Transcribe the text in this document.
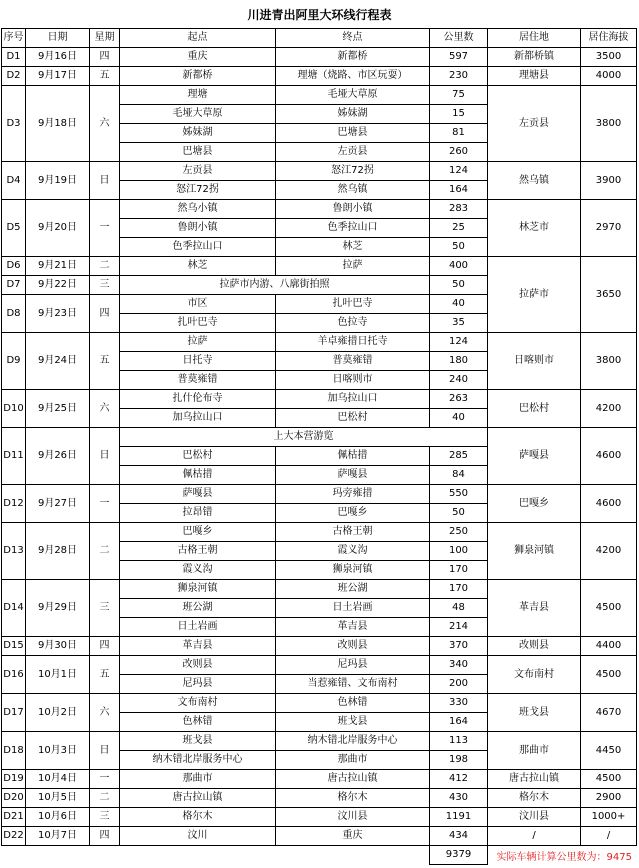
川进青出阿里大环线行程表
序号	日期	星期	起点	终点	公里数	居住地	居住海拔
D1	9月16日	四	重庆	新都桥	597	新都桥镇	3500
D2	9月17日	五	新都桥	理塘（烧路、市区玩耍）	230	理塘县	4000
D3	9月18日	六	理塘	毛垭大草原	75	左贡县	3800
			毛垭大草原	姊妹湖	15		
			姊妹湖	巴塘县	81		
			巴塘县	左贡县	260		
D4	9月19日	日	左贡县	怒江72拐	124	然乌镇	3900
			怒江72拐	然乌镇	164		
D5	9月20日	一	然乌小镇	鲁朗小镇	283	林芝市	2970
			鲁朗小镇	色季拉山口	25		
			色季拉山口	林芝	50		
D6	9月21日	二	林芝	拉萨	400	拉萨市	3650
D7	9月22日	三	拉萨市内游、八廓街拍照		50		
D8	9月23日	四	市区	扎叶巴寺	40		
			扎叶巴寺	色拉寺	35		
D9	9月24日	五	拉萨	羊卓雍措日托寺	124	日喀则市	3800
			日托寺	普莫雍错	180		
			普莫雍错	日喀则市	240		
D10	9月25日	六	扎什伦布寺	加乌拉山口	263	巴松村	4200
			加乌拉山口	巴松村	40		
D11	9月26日	日	上大本营游览			萨嘎县	4600
			巴松村	佩枯措	285		
			佩枯措	萨嘎县	84		
D12	9月27日	一	萨嘎县	玛旁雍措	550	巴嘎乡	4600
			拉昂错	巴嘎乡	50		
D13	9月28日	二	巴嘎乡	古格王朝	250	狮泉河镇	4200
			古格王朝	霞义沟	100		
			霞义沟	狮泉河镇	170		
D14	9月29日	三	狮泉河镇	班公湖	170	革吉县	4500
			班公湖	日土岩画	48		
			日土岩画	革吉县	214		
D15	9月30日	四	革吉县	改则县	370	改则县	4400
D16	10月1日	五	改则县	尼玛县	340	文布南村	4500
			尼玛县	当惹雍错、文布南村	200		
D17	10月2日	六	文布南村	色林错	330	班戈县	4670
			色林错	班戈县	164		
D18	10月3日	日	班戈县	纳木错北岸服务中心	113	那曲市	4450
			纳木错北岸服务中心	那曲市	198		
D19	10月4日	一	那曲市	唐古拉山镇	412	唐古拉山镇	4500
D20	10月5日	二	唐古拉山镇	格尔木	430	格尔木	2900
D21	10月6日	三	格尔木	汶川县	1191	汶川县	1000+
D22	10月7日	四	汶川	重庆	434	/	/
					9379			实际车辆计算公里数为：9475
